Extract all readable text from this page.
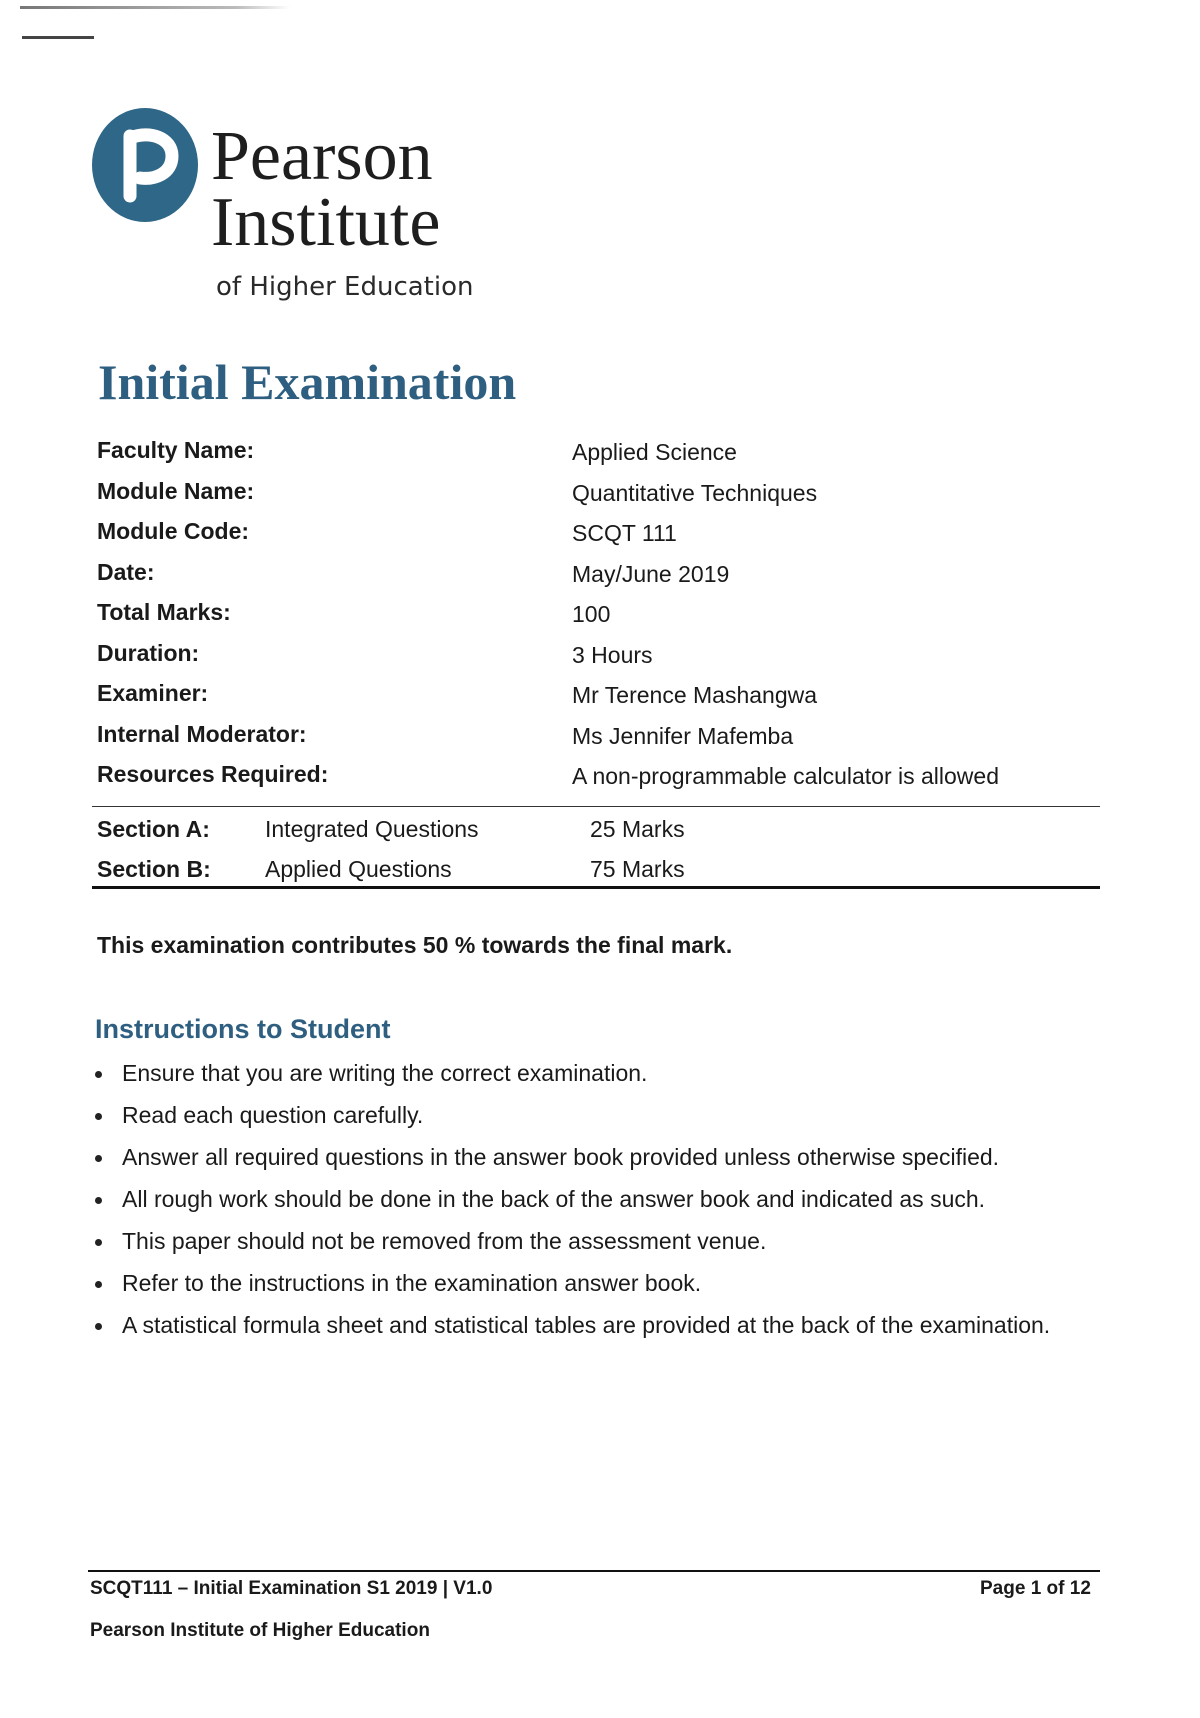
Pearson
Institute
of Higher Education
Initial Examination
Faculty Name:	Applied Science
Module Name:	Quantitative Techniques
Module Code:	SCQT 111
Date:	May/June 2019
Total Marks:	100
Duration:	3 Hours
Examiner:	Mr Terence Mashangwa
Internal Moderator:	Ms Jennifer Mafemba
Resources Required:	A non-programmable calculator is allowed
Section A: Integrated Questions	25 Marks
Section B: Applied Questions	75 Marks
This examination contributes 50 % towards the final mark.
Instructions to Student
Ensure that you are writing the correct examination.
Read each question carefully.
Answer all required questions in the answer book provided unless otherwise specified.
All rough work should be done in the back of the answer book and indicated as such.
This paper should not be removed from the assessment venue.
Refer to the instructions in the examination answer book.
A statistical formula sheet and statistical tables are provided at the back of the examination.
SCQT111 – Initial Examination S1 2019 | V1.0	Page 1 of 12
Pearson Institute of Higher Education
